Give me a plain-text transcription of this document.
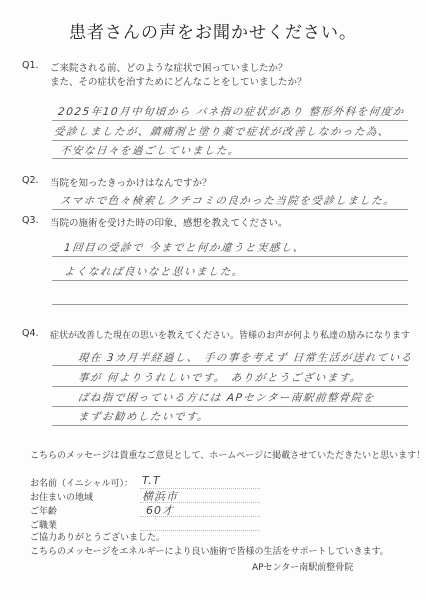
患者さんの声をお聞かせください。
Q1. ご来院される前、どのような症状で困っていましたか？
また、その症状を治すためにどんなことをしていましたか？
2025年10月中旬頃から バネ指の症状があり 整形外科を何度か
受診しましたが、鎮痛剤と塗り薬で症状が改善しなかった為、
不安な日々を過ごしていました。
Q2. 当院を知ったきっかけはなんですか？
スマホで色々検索しクチコミの良かった当院を受診しました。
Q3. 当院の施術を受けた時の印象、感想を教えてください。
1回目の受診で 今までと何か違うと実感し、
よくなれば良いなと思いました。
Q4. 症状が改善した現在の思いを教えてください。皆様のお声が何より私達の励みになります
現在 3カ月半経過し、 手の事を考えず 日常生活が送れている
事が 何よりうれしいです。 ありがとうございます。
ばね指で困っている方には APセンター南駅前整骨院を
まずお勧めしたいです。
こちらのメッセージは貴重なご意見として、ホームページに掲載させていただきたいと思います！
お名前（イニシャル可）： T.T
お住まいの地域	横浜市
ご年齢	60才
ご職業
ご協力ありがとうございました。
こちらのメッセージをエネルギーにより良い施術で皆様の生活をサポートしていきます。
APセンター南駅前整骨院
